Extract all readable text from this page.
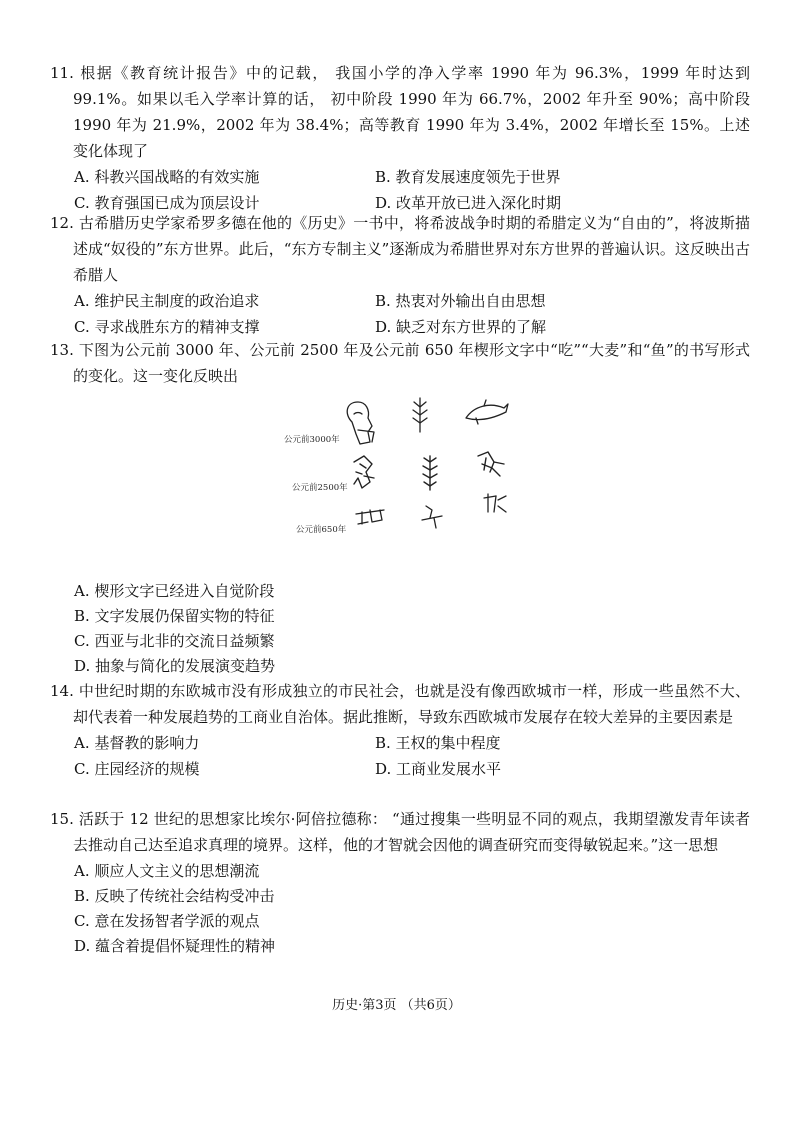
11. 根据《教育统计报告》中的记载， 我国小学的净入学率 1990 年为 96.3%，1999 年时达到 99.1%。如果以毛入学率计算的话， 初中阶段 1990 年为 66.7%，2002 年升至 90%；高中阶段 1990 年为 21.9%，2002 年为 38.4%；高等教育 1990 年为 3.4%，2002 年增长至 15%。上述变化体现了

A. 科教兴国战略的有效实施	B. 教育发展速度领先于世界
C. 教育强国已成为顶层设计	D. 改革开放已进入深化时期

12. 古希腊历史学家希罗多德在他的《历史》一书中，将希波战争时期的希腊定义为“自由的”，将波斯描述成“奴役的”东方世界。此后，“东方专制主义”逐渐成为希腊世界对东方世界的普遍认识。这反映出古希腊人

A. 维护民主制度的政治追求	B. 热衷对外输出自由思想
C. 寻求战胜东方的精神支撑	D. 缺乏对东方世界的了解

13. 下图为公元前 3000 年、公元前 2500 年及公元前 650 年楔形文字中“吃”“大麦”和“鱼”的书写形式的变化。这一变化反映出

公元前3000年
公元前2500年
公元前650年
A. 楔形文字已经进入自觉阶段
B. 文字发展仍保留实物的特征
C. 西亚与北非的交流日益频繁
D. 抽象与简化的发展演变趋势

14. 中世纪时期的东欧城市没有形成独立的市民社会，也就是没有像西欧城市一样，形成一些虽然不大、却代表着一种发展趋势的工商业自治体。据此推断，导致东西欧城市发展存在较大差异的主要因素是

A. 基督教的影响力	B. 王权的集中程度
C. 庄园经济的规模	D. 工商业发展水平

15. 活跃于 12 世纪的思想家比埃尔·阿倍拉德称： “通过搜集一些明显不同的观点，我期望激发青年读者去推动自己达至追求真理的境界。这样，他的才智就会因他的调查研究而变得敏锐起来。”这一思想

A. 顺应人文主义的思想潮流
B. 反映了传统社会结构受冲击
C. 意在发扬智者学派的观点
D. 蕴含着提倡怀疑理性的精神
历史·第3页 （共6页）
